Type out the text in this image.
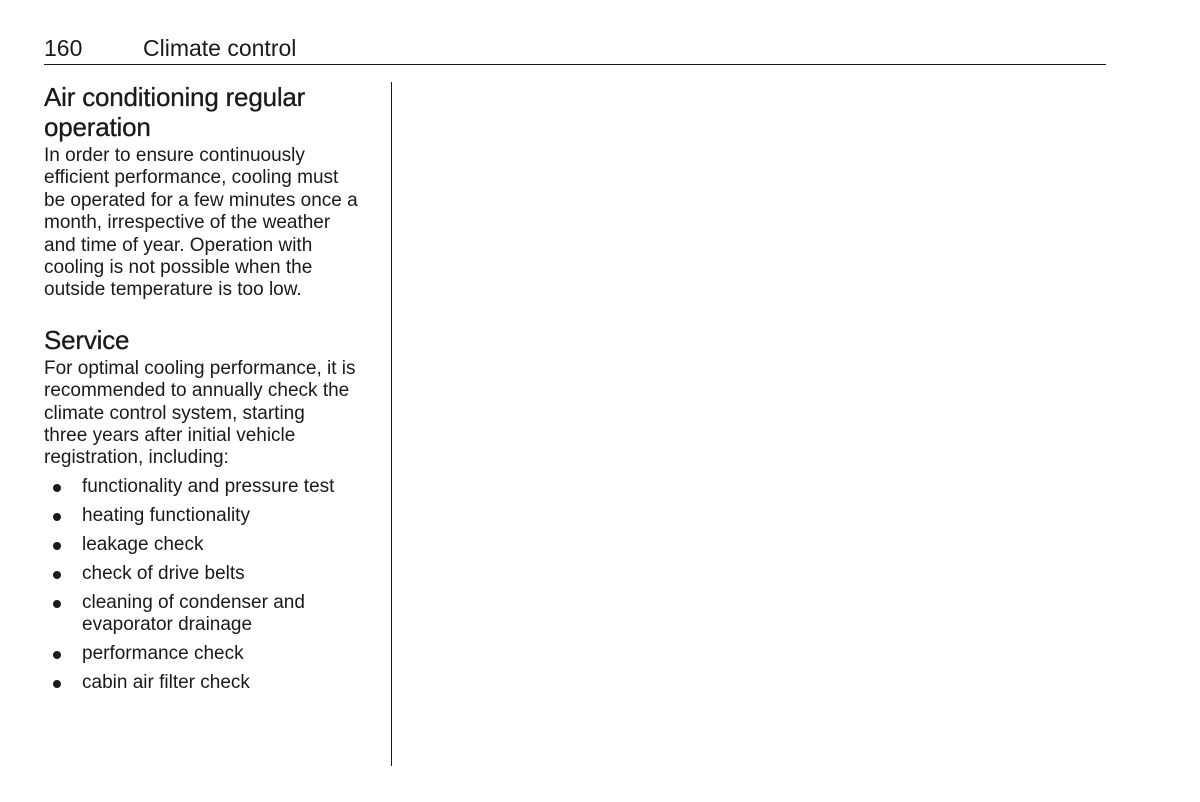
160	Climate control
Air conditioning regular
operation

In order to ensure continuously
efficient performance, cooling must
be operated for a few minutes once a
month, irrespective of the weather
and time of year. Operation with
cooling is not possible when the
outside temperature is too low.

Service

For optimal cooling performance, it is
recommended to annually check the
climate control system, starting
three years after initial vehicle
registration, including:

functionality and pressure test
heating functionality
leakage check
check of drive belts
cleaning of condenser and
evaporator drainage
performance check
cabin air filter check
